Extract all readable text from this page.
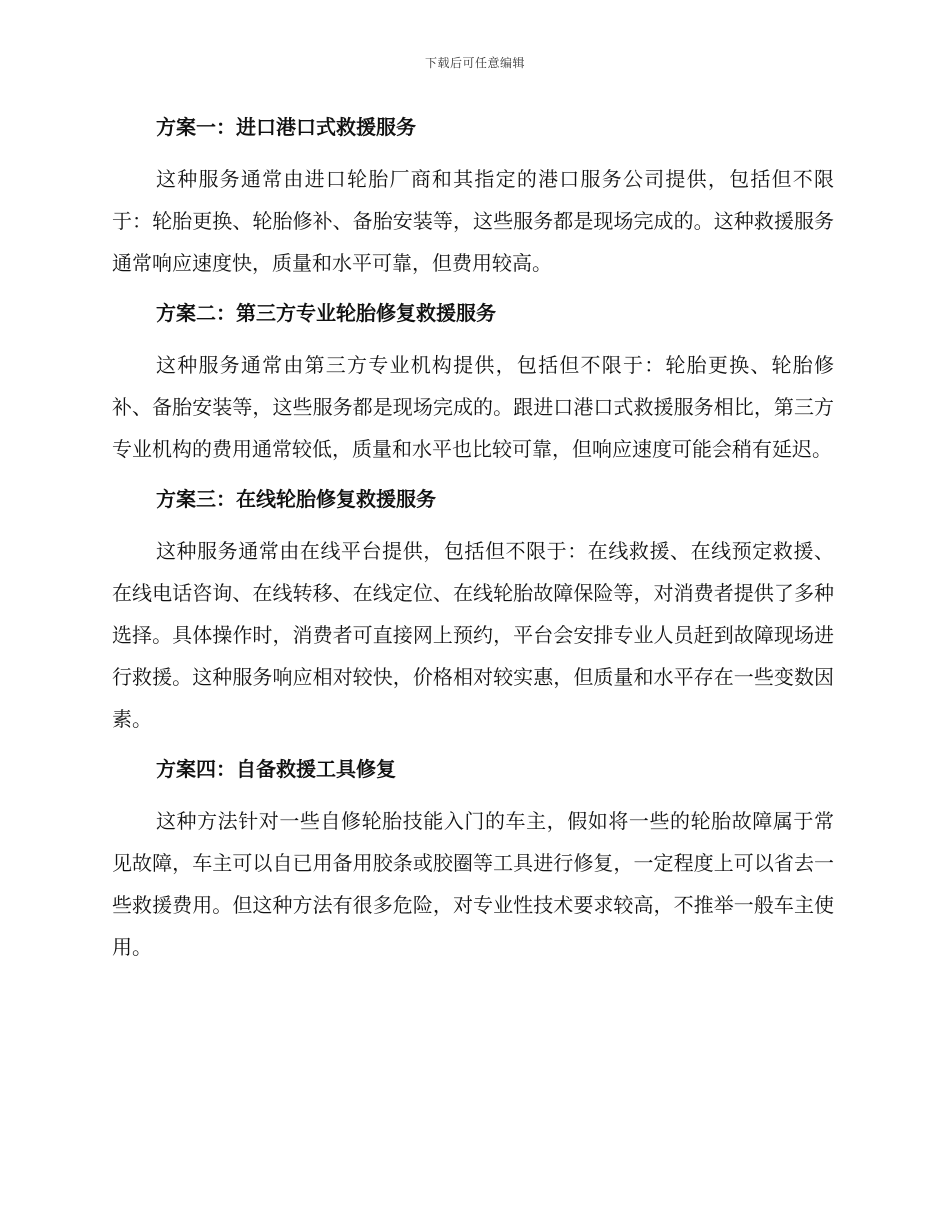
下载后可任意编辑
方案一：进口港口式救援服务

这种服务通常由进口轮胎厂商和其指定的港口服务公司提供，包括但不限于：轮胎更换、轮胎修补、备胎安装等，这些服务都是现场完成的。这种救援服务通常响应速度快，质量和水平可靠，但费用较高。

方案二：第三方专业轮胎修复救援服务

这种服务通常由第三方专业机构提供，包括但不限于：轮胎更换、轮胎修补、备胎安装等，这些服务都是现场完成的。跟进口港口式救援服务相比，第三方专业机构的费用通常较低，质量和水平也比较可靠，但响应速度可能会稍有延迟。

方案三：在线轮胎修复救援服务

这种服务通常由在线平台提供，包括但不限于：在线救援、在线预定救援、在线电话咨询、在线转移、在线定位、在线轮胎故障保险等，对消费者提供了多种选择。具体操作时，消费者可直接网上预约，平台会安排专业人员赶到故障现场进行救援。这种服务响应相对较快，价格相对较实惠，但质量和水平存在一些变数因素。

方案四：自备救援工具修复

这种方法针对一些自修轮胎技能入门的车主，假如将一些的轮胎故障属于常见故障，车主可以自已用备用胶条或胶圈等工具进行修复，一定程度上可以省去一些救援费用。但这种方法有很多危险，对专业性技术要求较高，不推举一般车主使用。
